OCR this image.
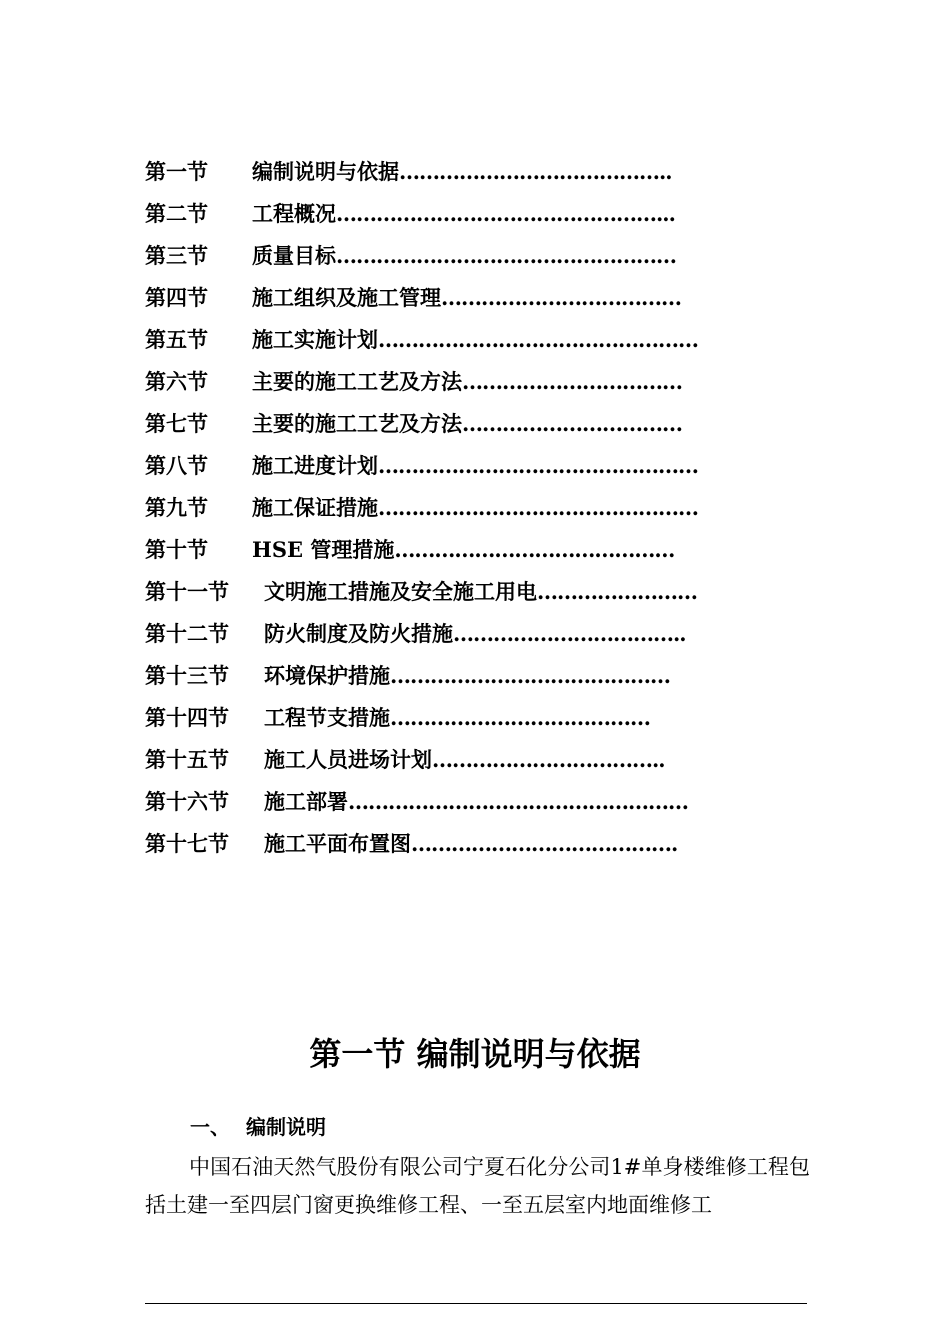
第一节	编制说明与依据 …………………………………..
第二节	工程概况 …………………………………………...
第三节	质量目标 ……………………………………………
第四节	施工组织及施工管理 ………………………………
第五节	施工实施计划 …………………………………………
第六节	主要的施工工艺及方法 ……………………………
第七节	主要的施工工艺及方法 ……………………………
第八节	施工进度计划 …………………………………………
第九节	施工保证措施 …………………………………………
第十节	HSE 管理措施 ……………………………………
第十一节	文明施工措施及安全施工用电 ……………………
第十二节	防火制度及防火措施 ……………………………..
第十三节	环境保护措施 ……………………………………
第十四节	工程节支措施 …………………………………
第十五节	施工人员进场计划 ……………………………..
第十六节	施工部署 ……………………………………………
第十七节	施工平面布置图 ………………………………….
第一节 编制说明与依据
一、 编制说明
中国石油天然气股份有限公司宁夏石化分公司1#单身楼维修工程包括土建一至四层门窗更换维修工程、一至五层室内地面维修工
